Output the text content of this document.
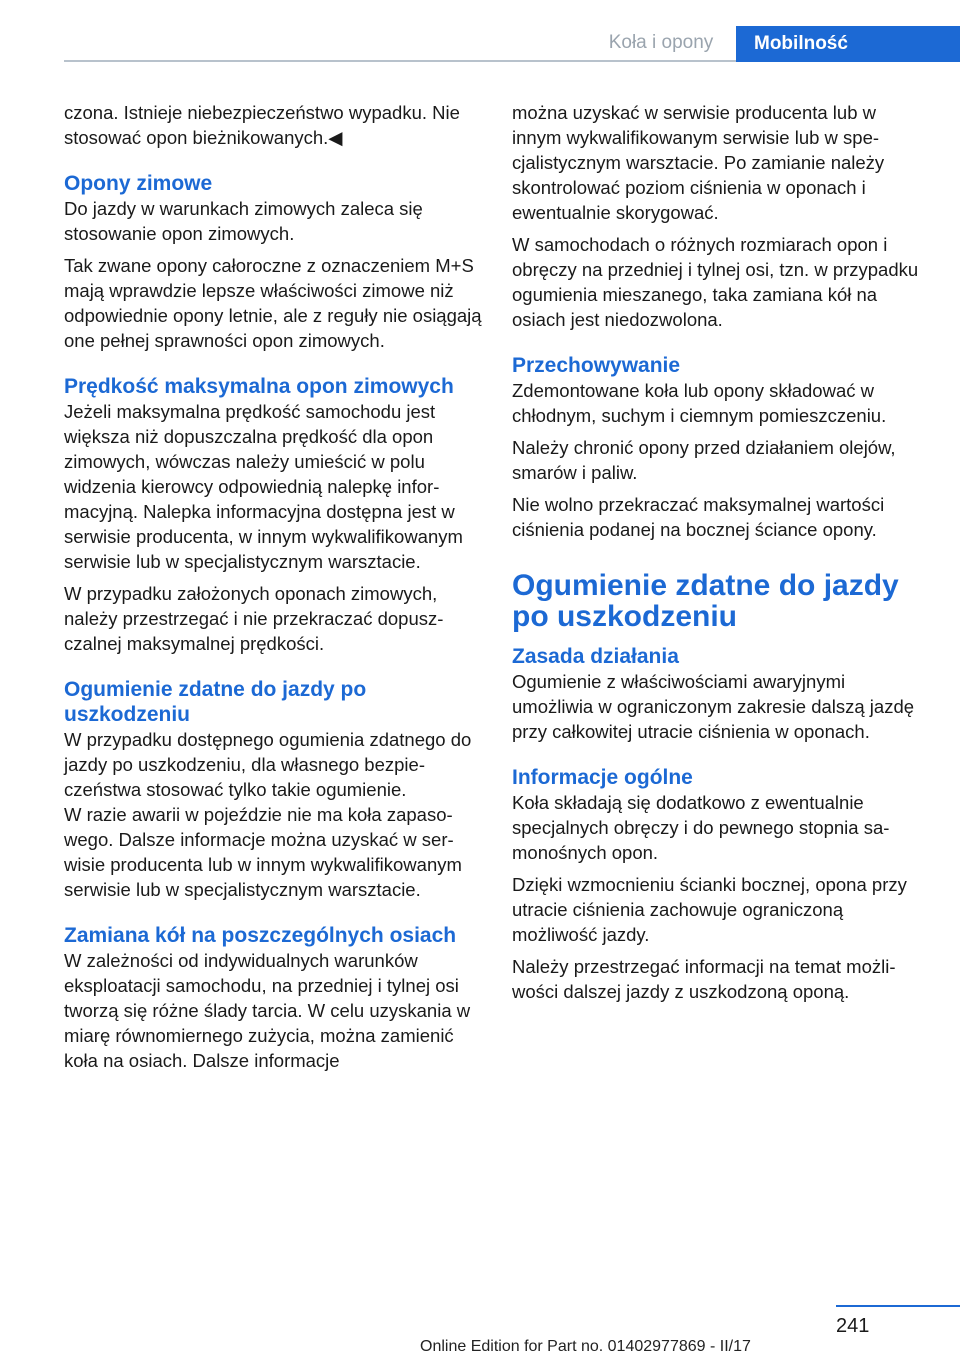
Koła i opony	Mobilność

czona. Istnieje niebezpieczeństwo wypadku. Nie stosować opon bieżnikowanych.◀

Opony zimowe

Do jazdy w warunkach zimowych zaleca się stosowanie opon zimowych.

Tak zwane opony całoroczne z oznaczeniem M+S mają wprawdzie lepsze właściwości zimowe niż odpowiednie opony letnie, ale z reguły nie osiągają one pełnej sprawności opon zimowych.

Prędkość maksymalna opon zimowych

Jeżeli maksymalna prędkość samochodu jest większa niż dopuszczalna prędkość dla opon zimowych, wówczas należy umieścić w polu widzenia kierowcy odpowiednią nalepkę informacyjną. Nalepka informacyjna dostępna jest w serwisie producenta, w innym wykwalifikowanym serwisie lub w specjalistycznym warsztacie.

W przypadku założonych oponach zimowych, należy przestrzegać i nie przekraczać dopuszczalnej maksymalnej prędkości.

Ogumienie zdatne do jazdy po uszkodzeniu

W przypadku dostępnego ogumienia zdatnego do jazdy po uszkodzeniu, dla własnego bezpieczeństwa stosować tylko takie ogumienie.

W razie awarii w pojeździe nie ma koła zapasowego. Dalsze informacje można uzyskać w serwisie producenta lub w innym wykwalifikowanym serwisie lub w specjalistycznym warsztacie.

Zamiana kół na poszczególnych osiach

W zależności od indywidualnych warunków eksploatacji samochodu, na przedniej i tylnej osi tworzą się różne ślady tarcia. W celu uzyskania w miarę równomiernego zużycia, można zamienić koła na osiach. Dalsze informacje

można uzyskać w serwisie producenta lub w innym wykwalifikowanym serwisie lub w specjalistycznym warsztacie. Po zamianie należy skontrolować poziom ciśnienia w oponach i ewentualnie skorygować.

W samochodach o różnych rozmiarach opon i obręczy na przedniej i tylnej osi, tzn. w przypadku ogumienia mieszanego, taka zamiana kół na osiach jest niedozwolona.

Przechowywanie

Zdemontowane koła lub opony składować w chłodnym, suchym i ciemnym pomieszczeniu.

Należy chronić opony przed działaniem olejów, smarów i paliw.

Nie wolno przekraczać maksymalnej wartości ciśnienia podanej na bocznej ściance opony.

Ogumienie zdatne do jazdy po uszkodzeniu
Zasada działania

Ogumienie z właściwościami awaryjnymi umożliwia w ograniczonym zakresie dalszą jazdę przy całkowitej utracie ciśnienia w oponach.

Informacje ogólne

Koła składają się dodatkowo z ewentualnie specjalnych obręczy i do pewnego stopnia samonośnych opon.

Dzięki wzmocnieniu ścianki bocznej, opona przy utracie ciśnienia zachowuje ograniczoną możliwość jazdy.

Należy przestrzegać informacji na temat możliwości dalszej jazdy z uszkodzoną oponą.

241
Online Edition for Part no. 01402977869 - II/17
